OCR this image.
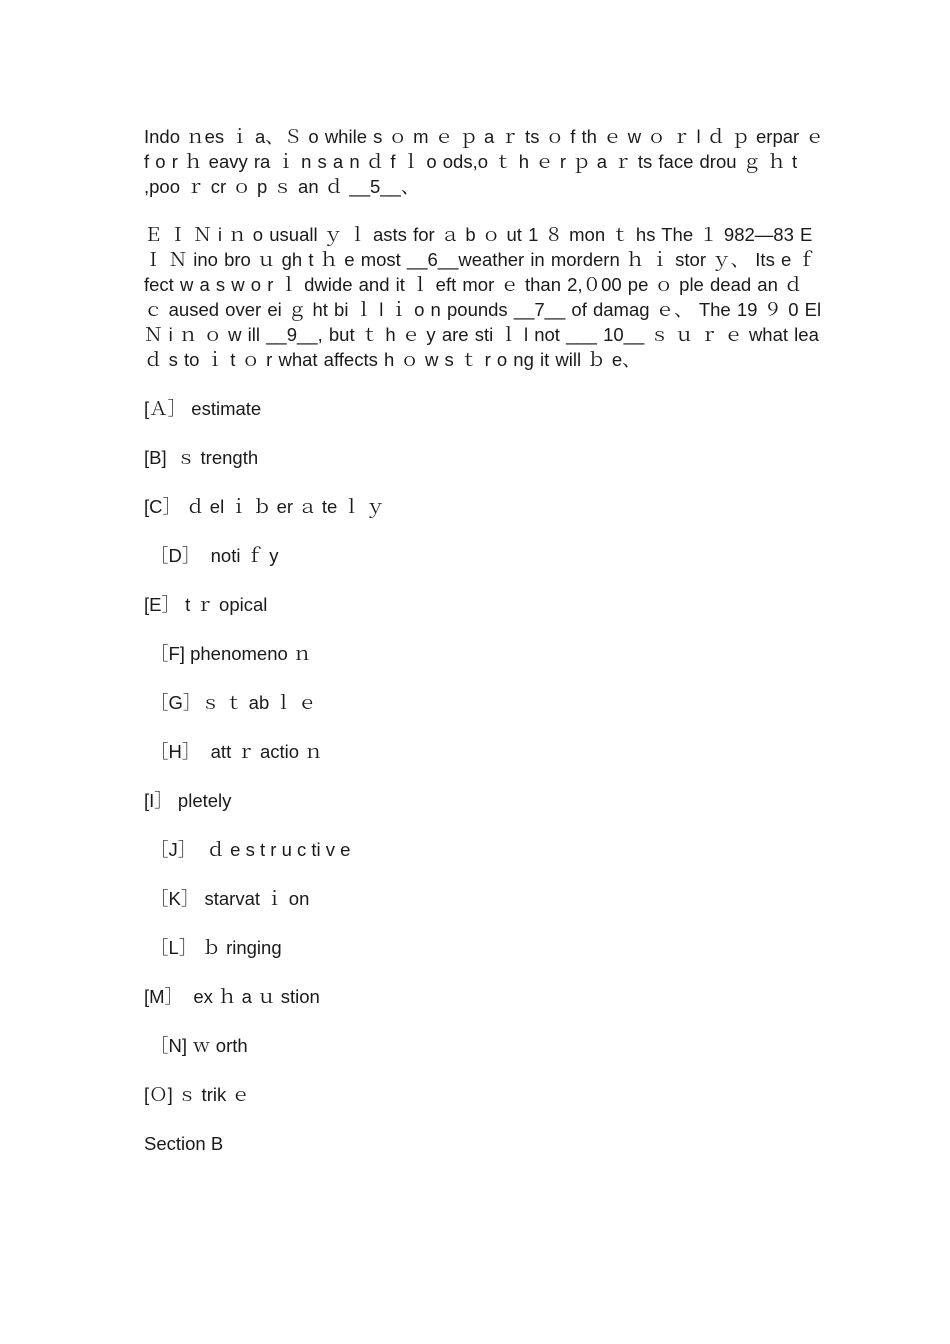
Indo ｎes ｉ a、Ｓ o while s ｏ m ｅ ｐ a ｒ ts ｏ f th ｅ w ｏ ｒ l ｄ ｐ erpar ｅ f o r ｈ eavy ra ｉ n s a n ｄ f ｌ o ods,o ｔ h ｅ r ｐ a ｒ ts face drou ｇ ｈ t ,poo ｒ cr ｏ p ｓ an ｄ __5__、

Ｅ Ｉ Ｎ i ｎ o usuall ｙ ｌ asts for ａ b ｏ ut 1 ８ mon ｔ hs The １ 982—83 E Ｉ Ｎ ino bro ｕ gh t ｈ e most __6__weather in mordern ｈ ｉ stor ｙ、 Its e ｆ fect w a s w o r ｌ dwide and it ｌ eft mor ｅ than 2,０00 pe ｏ ple dead an ｄ ｃ aused over ei ｇ ht bi ｌ l ｉ o n pounds __7__ of damag ｅ、 The 19 ９ 0 El Ｎ i ｎ ｏ w ill __9__, but ｔ h ｅ y are sti ｌ l not ___ 10__ ｓ ｕ ｒ ｅ what lea ｄ s to ｉ t ｏ r what affects h ｏ w s ｔ r o ng it will ｂ e、

[Ａ］ estimate
[B]  ｓ trength
[C］ ｄ el ｉ ｂ er ａ te ｌ ｙ
［D］  noti ｆ y
[E］ t ｒ opical
［F] phenomeno ｎ
［G］ｓ ｔ ab ｌ ｅ
［H］  att ｒ actio ｎ
[I］ pletely
［J］  ｄ e s t r u c ti v e
［K］ starvat ｉ on
［L］ ｂ ringing
[M］  ex ｈ a ｕ stion
［N] ｗ orth
[Ｏ] ｓ trik ｅ
Section B
